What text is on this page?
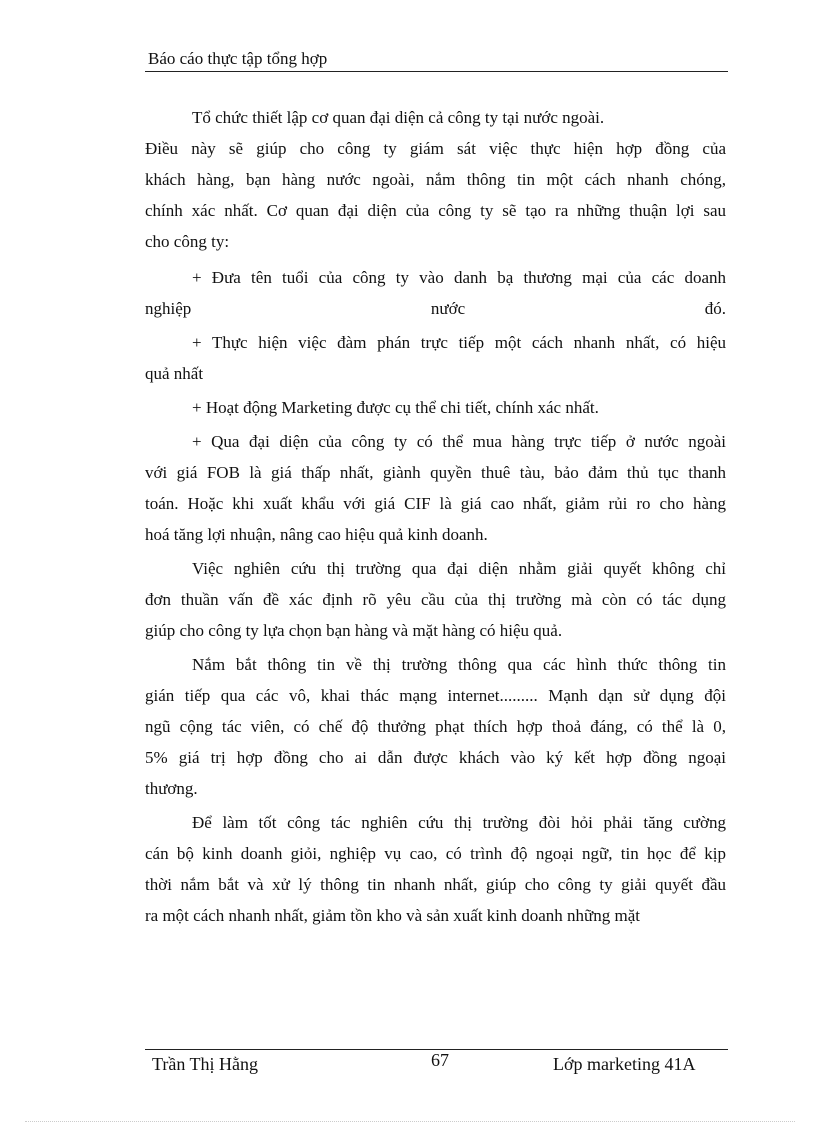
Báo cáo thực tập tổng hợp
Tổ chức thiết lập cơ quan đại diện cả công ty tại nước ngoài.
Điều này sẽ giúp cho công ty giám sát việc thực hiện hợp đồng của
khách hàng, bạn hàng nước ngoài, nắm thông tin một cách nhanh chóng,
chính xác nhất. Cơ quan đại diện của công ty sẽ tạo ra những thuận lợi sau
cho công ty:
+ Đưa tên tuổi của công ty vào danh bạ thương mại của các doanh
nghiệp nước đó.
+ Thực hiện việc đàm phán trực tiếp một cách nhanh nhất, có hiệu
quả nhất
+ Hoạt động Marketing được cụ thể chi tiết, chính xác nhất.
+ Qua đại diện của công ty có thể mua hàng trực tiếp ở nước ngoài
với giá FOB là giá thấp nhất, giành quyền thuê tàu, bảo đảm thủ tục thanh
toán. Hoặc khi xuất khẩu với giá CIF là giá cao nhất, giảm rủi ro cho hàng
hoá tăng lợi nhuận, nâng cao hiệu quả kinh doanh.
Việc nghiên cứu thị trường qua đại diện nhằm giải quyết không chỉ
đơn thuần vấn đề xác định rõ yêu cầu của thị trường mà còn có tác dụng
giúp cho công ty lựa chọn bạn hàng và mặt hàng có hiệu quả.
Nắm bắt thông tin về thị trường thông qua các hình thức thông tin
gián tiếp qua các vô, khai thác mạng internet......... Mạnh dạn sử dụng đội
ngũ cộng tác viên, có chế độ thưởng phạt thích hợp thoả đáng, có thể là 0,
5% giá trị hợp đồng cho ai dẫn được khách vào ký kết hợp đồng ngoại
thương.
Để làm tốt công tác nghiên cứu thị trường đòi hỏi phải tăng cường
cán bộ kinh doanh giỏi, nghiệp vụ cao, có trình độ ngoại ngữ, tin học để kịp
thời nắm bắt và xử lý thông tin nhanh nhất, giúp cho công ty giải quyết đầu
ra một cách nhanh nhất, giảm tồn kho và sản xuất kinh doanh những mặt
Trần Thị Hằng	67	Lớp marketing 41A
